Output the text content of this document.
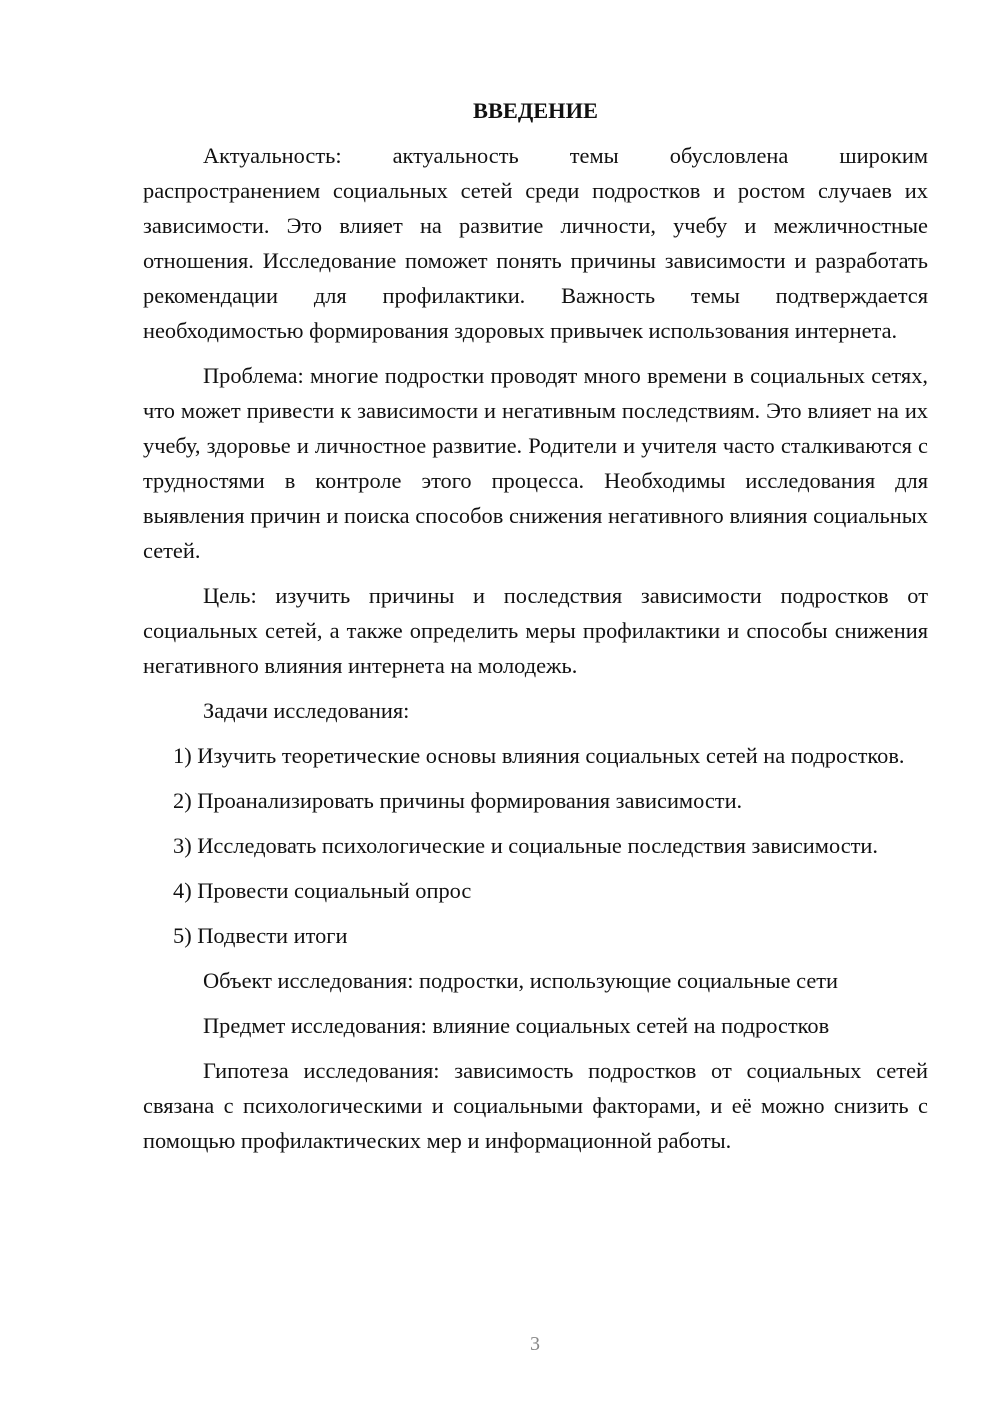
ВВЕДЕНИЕ

Актуальность: актуальность темы обусловлена широким распространением социальных сетей среди подростков и ростом случаев их зависимости. Это влияет на развитие личности, учебу и межличностные отношения. Исследование поможет понять причины зависимости и разработать рекомендации для профилактики. Важность темы подтверждается необходимостью формирования здоровых привычек использования интернета.

Проблема: многие подростки проводят много времени в социальных сетях, что может привести к зависимости и негативным последствиям. Это влияет на их учебу, здоровье и личностное развитие. Родители и учителя часто сталкиваются с трудностями в контроле этого процесса. Необходимы исследования для выявления причин и поиска способов снижения негативного влияния социальных сетей.

Цель: изучить причины и последствия зависимости подростков от социальных сетей, а также определить меры профилактики и способы снижения негативного влияния интернета на молодежь.

Задачи исследования:

1) Изучить теоретические основы влияния социальных сетей на подростков.

2) Проанализировать причины формирования зависимости.

3) Исследовать психологические и социальные последствия зависимости.

4) Провести социальный опрос

5) Подвести итоги

Объект исследования: подростки, использующие социальные сети

Предмет исследования: влияние социальных сетей на подростков

Гипотеза исследования: зависимость подростков от социальных сетей связана с психологическими и социальными факторами, и её можно снизить с помощью профилактических мер и информационной работы.

3
